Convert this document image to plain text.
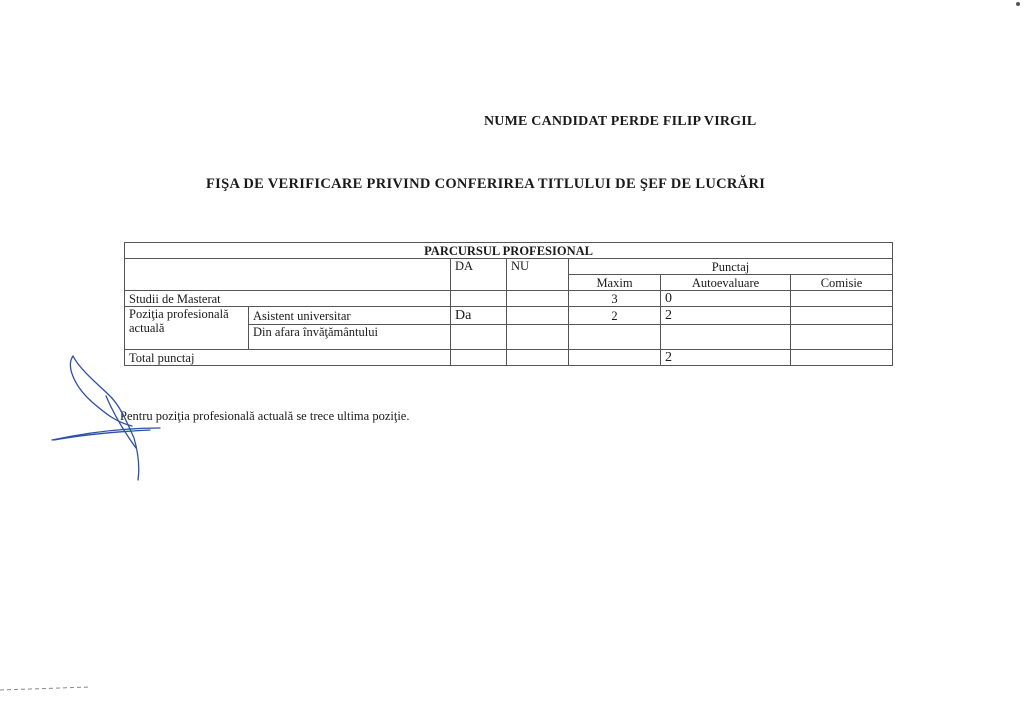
NUME CANDIDAT PERDE FILIP VIRGIL
FIŞA DE VERIFICARE PRIVIND CONFERIREA TITLULUI DE ŞEF DE LUCRĂRI
PARCURSUL PROFESIONAL						
		DA	NU	Punctaj		
				Maxim	Autoevaluare	Comisie
Studii de Masterat				3	0	
Poziţia profesională actuală	Asistent universitar	Da		2	2	
	Din afara învăţământului					
Total punctaj					2	
Pentru poziţia profesională actuală se trece ultima poziţie.
